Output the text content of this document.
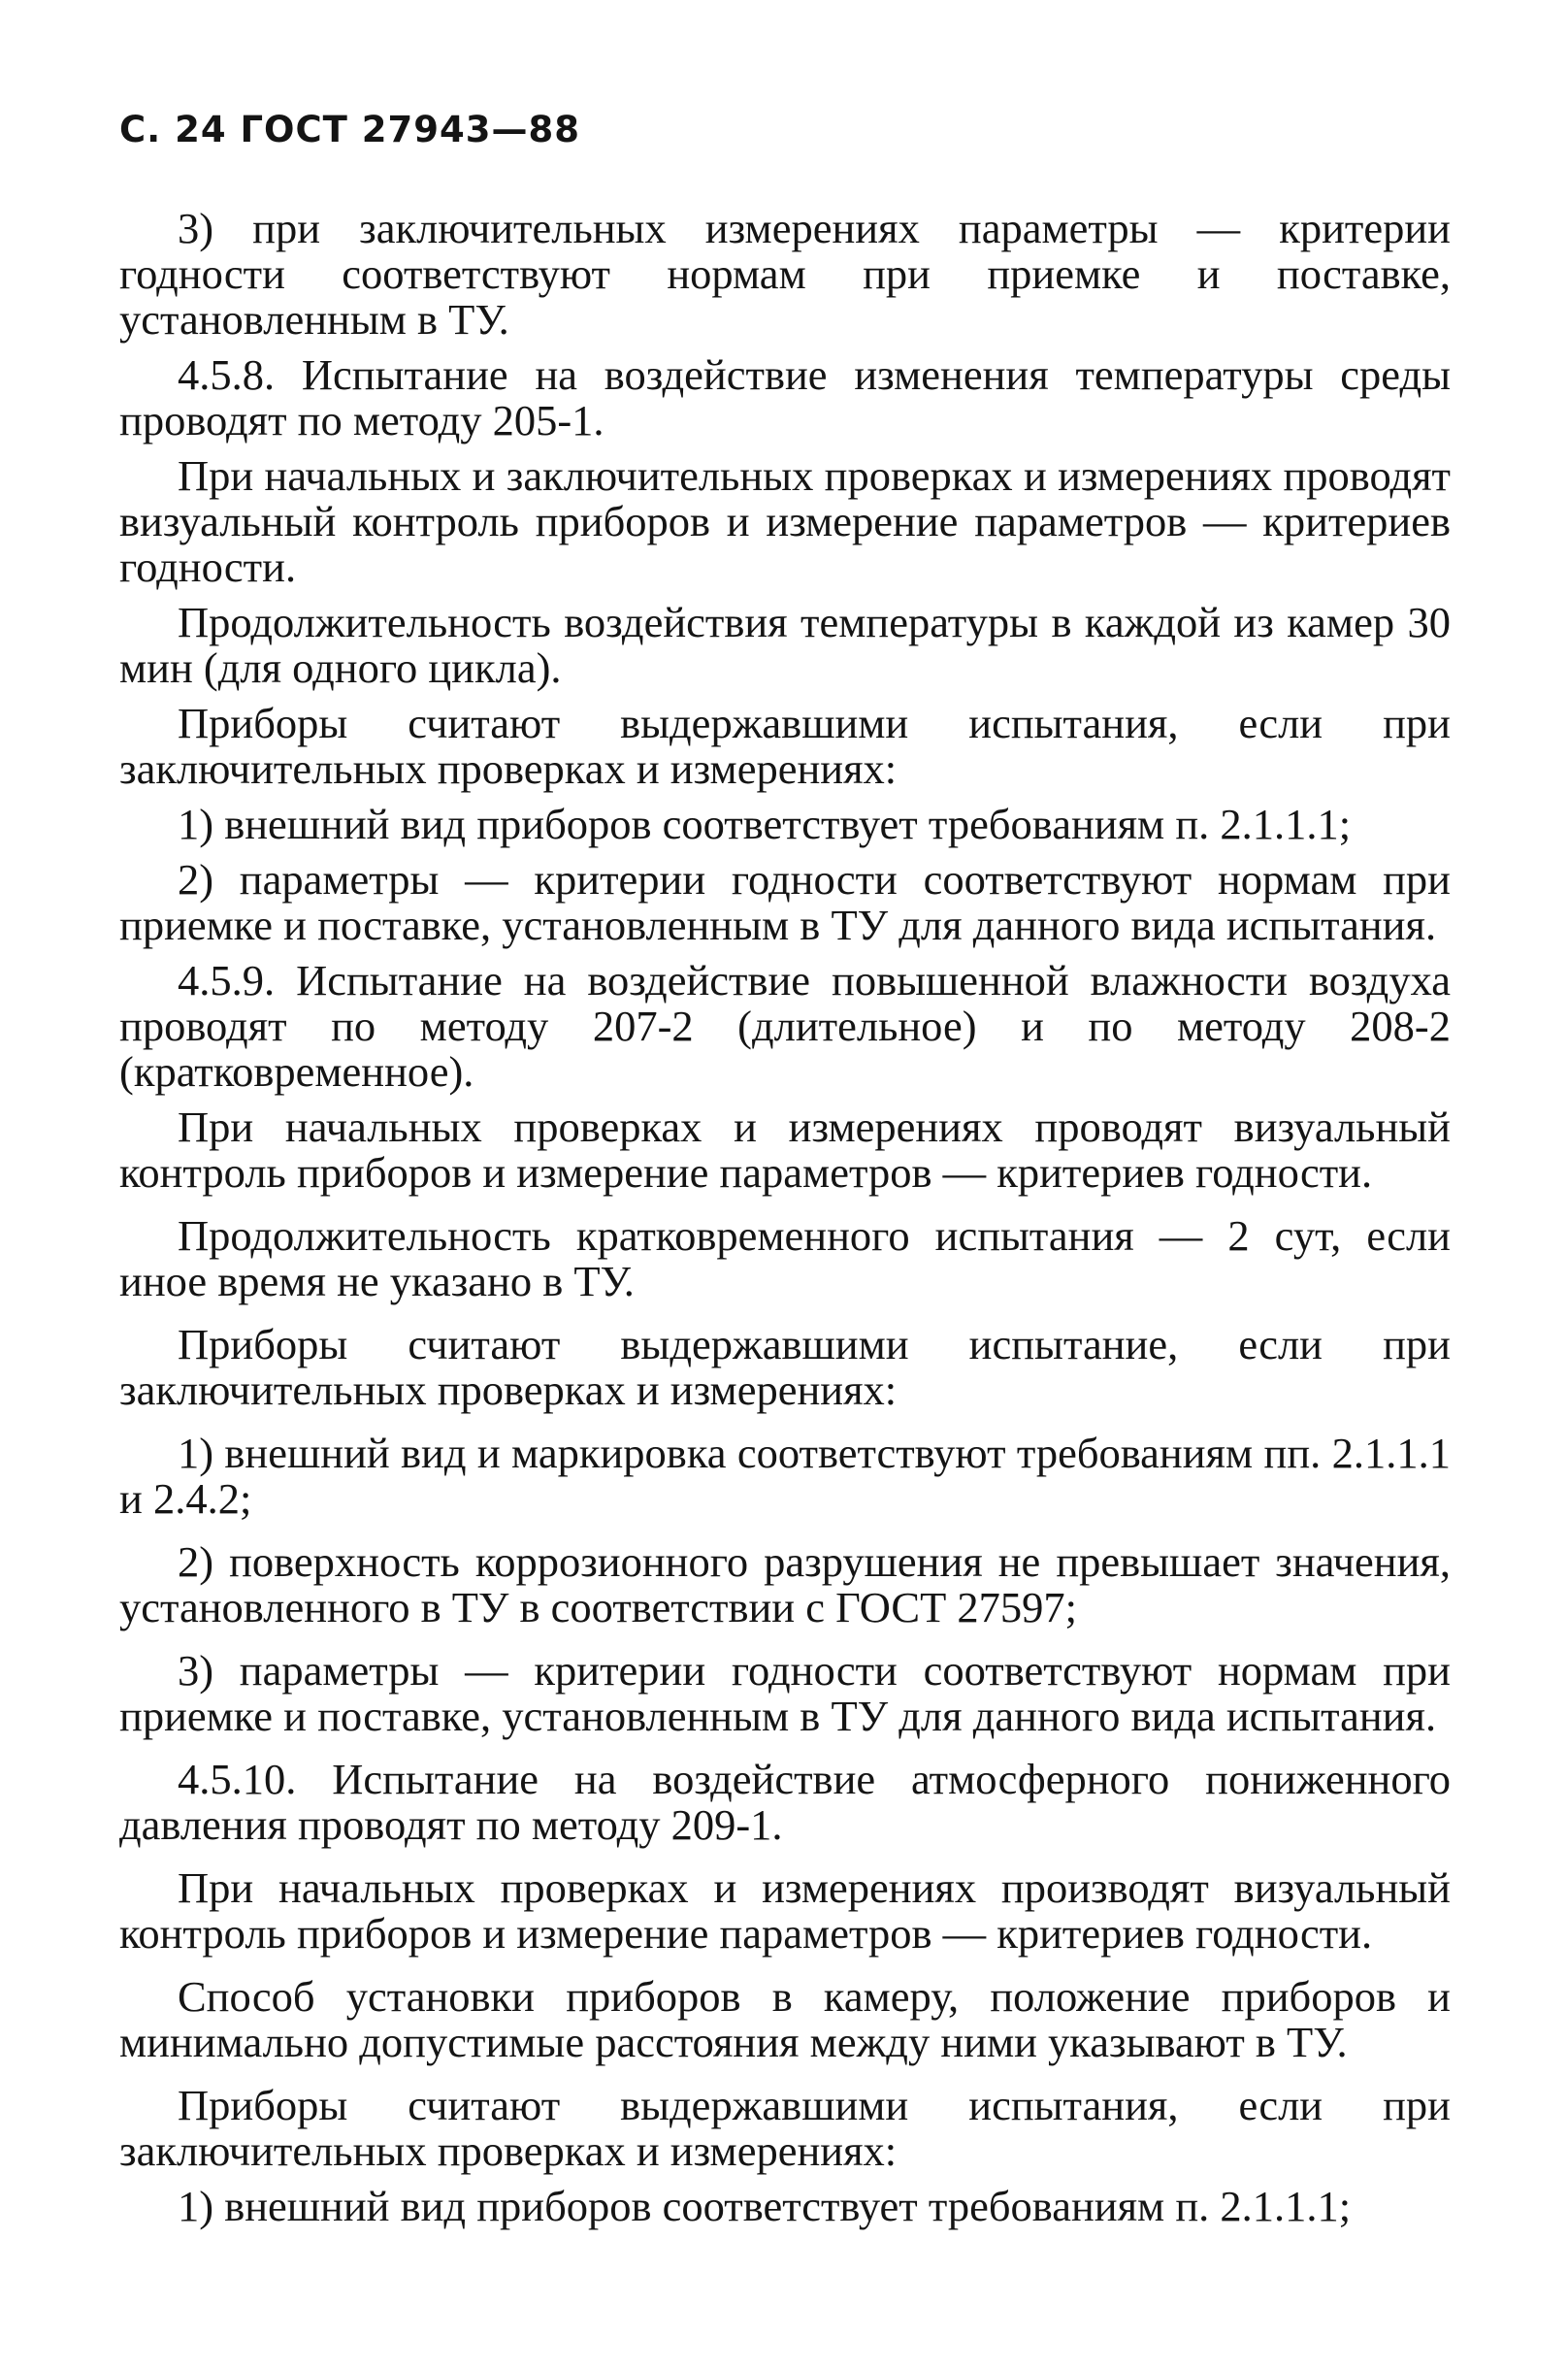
С. 24 ГОСТ 27943—88

3) при заключительных измерениях параметры — критерии годности соответствуют нормам при приемке и поставке, установленным в ТУ.

4.5.8. Испытание на воздействие изменения температуры среды проводят по методу 205-1.

При начальных и заключительных проверках и измерениях проводят визуальный контроль приборов и измерение параметров — критериев годности.

Продолжительность воздействия температуры в каждой из камер 30 мин (для одного цикла).

Приборы считают выдержавшими испытания, если при заключительных проверках и измерениях:

1) внешний вид приборов соответствует требованиям п. 2.1.1.1;

2) параметры — критерии годности соответствуют нормам при приемке и поставке, установленным в ТУ для данного вида испытания.

4.5.9. Испытание на воздействие повышенной влажности воздуха проводят по методу 207-2 (длительное) и по методу 208-2 (кратковременное).

При начальных проверках и измерениях проводят визуальный контроль приборов и измерение параметров — критериев годности.

Продолжительность кратковременного испытания — 2 сут, если иное время не указано в ТУ.

Приборы считают выдержавшими испытание, если при заключительных проверках и измерениях:

1) внешний вид и маркировка соответствуют требованиям пп. 2.1.1.1 и 2.4.2;

2) поверхность коррозионного разрушения не превышает значения, установленного в ТУ в соответствии с ГОСТ 27597;

3) параметры — критерии годности соответствуют нормам при приемке и поставке, установленным в ТУ для данного вида испытания.

4.5.10. Испытание на воздействие атмосферного пониженного давления проводят по методу 209-1.

При начальных проверках и измерениях производят визуальный контроль приборов и измерение параметров — критериев годности.

Способ установки приборов в камеру, положение приборов и минимально допустимые расстояния между ними указывают в ТУ.

Приборы считают выдержавшими испытания, если при заключительных проверках и измерениях:

1) внешний вид приборов соответствует требованиям п. 2.1.1.1;
